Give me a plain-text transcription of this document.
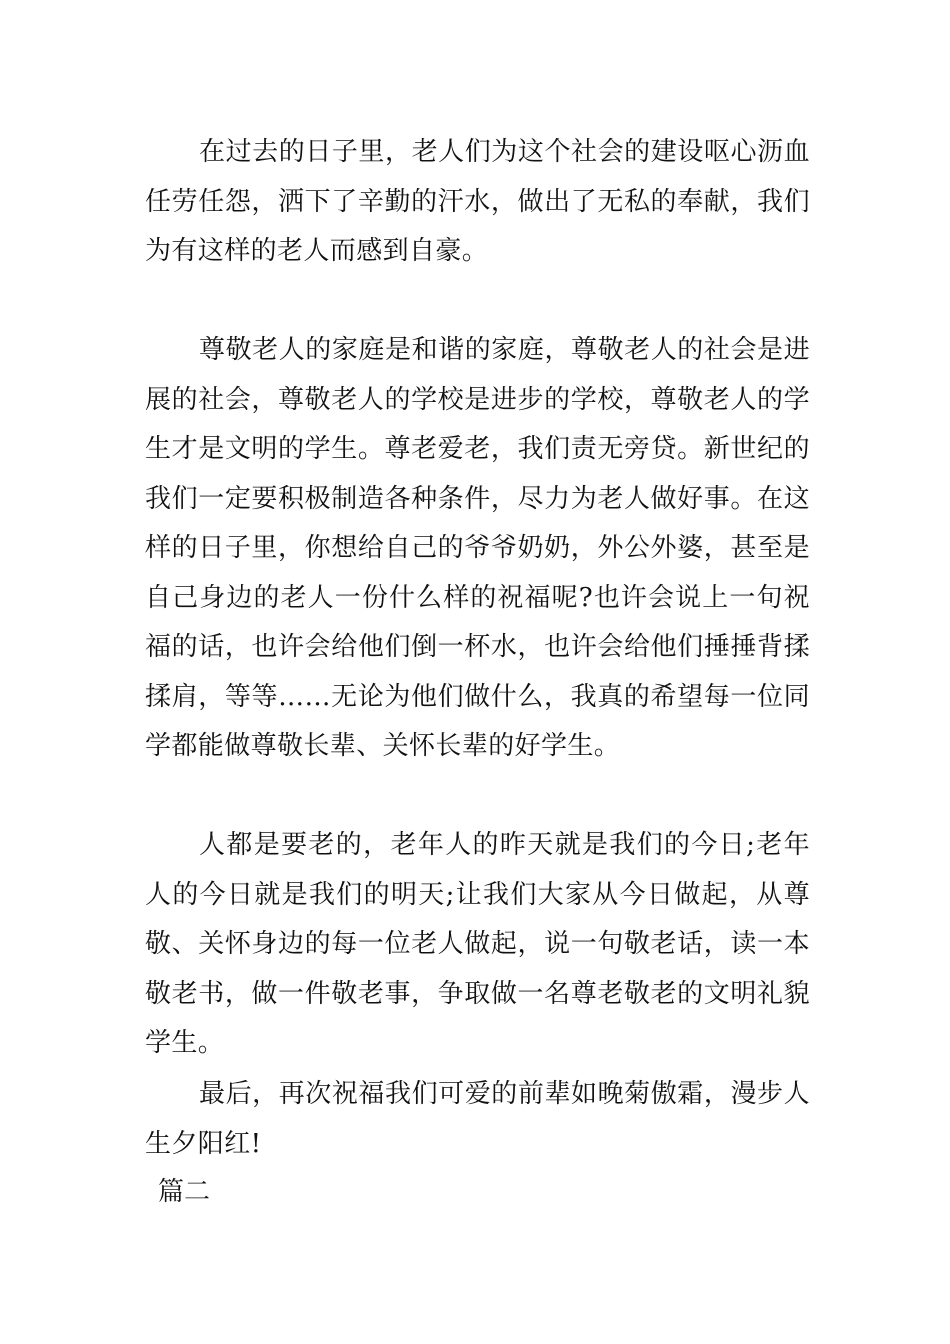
在过去的日子里，老人们为这个社会的建设呕心沥血任劳任怨，洒下了辛勤的汗水，做出了无私的奉献，我们为有这样的老人而感到自豪。

尊敬老人的家庭是和谐的家庭，尊敬老人的社会是进展的社会，尊敬老人的学校是进步的学校，尊敬老人的学生才是文明的学生。尊老爱老，我们责无旁贷。新世纪的我们一定要积极制造各种条件，尽力为老人做好事。在这样的日子里，你想给自己的爷爷奶奶，外公外婆，甚至是自己身边的老人一份什么样的祝福呢?也许会说上一句祝福的话，也许会给他们倒一杯水，也许会给他们捶捶背揉揉肩，等等……无论为他们做什么，我真的希望每一位同学都能做尊敬长辈、关怀长辈的好学生。

人都是要老的，老年人的昨天就是我们的今日;老年人的今日就是我们的明天;让我们大家从今日做起，从尊敬、关怀身边的每一位老人做起，说一句敬老话，读一本敬老书，做一件敬老事，争取做一名尊老敬老的文明礼貌学生。

最后，再次祝福我们可爱的前辈如晚菊傲霜，漫步人生夕阳红!

篇二
